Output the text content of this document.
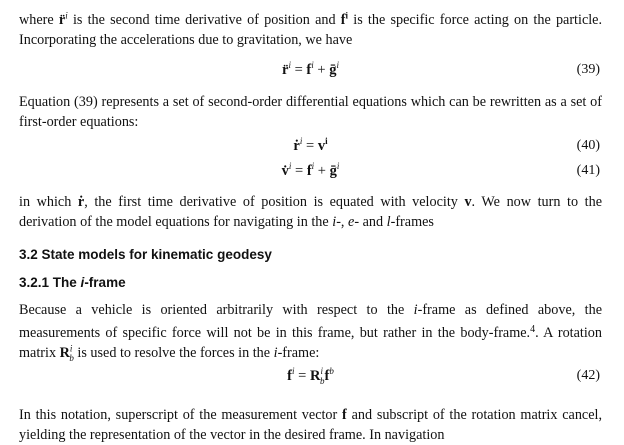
where r̈$^i$ is the second time derivative of position and $f^i$ is the specific force acting on the particle. Incorporating the accelerations due to gravitation, we have

r̈$^i$ = $f^i$ + ḡ$^i$	(39)

Equation (39) represents a set of second-order differential equations which can be rewritten as a set of first-order equations:

ṙ$^i$ = $v^i$	(40)
v̇$^i$ = $f^i$ + ḡ$^i$	(41)

in which ṙ, the first time derivative of position is equated with velocity v. We now turn to the derivation of the model equations for navigating in the i-, e- and l-frames

3.2 State models for kinematic geodesy
3.2.1 The i-frame

Because a vehicle is oriented arbitrarily with respect to the i-frame as defined above, the measurements of specific force will not be in this frame, but rather in the body-frame.$^4$. A rotation matrix $R^i_b$ is used to resolve the forces in the i-frame:

$f^i = R^i_bf^b$	(42)

In this notation, superscript of the measurement vector f and subscript of the rotation matrix cancel, yielding the representation of the vector in the desired frame. In navigation
